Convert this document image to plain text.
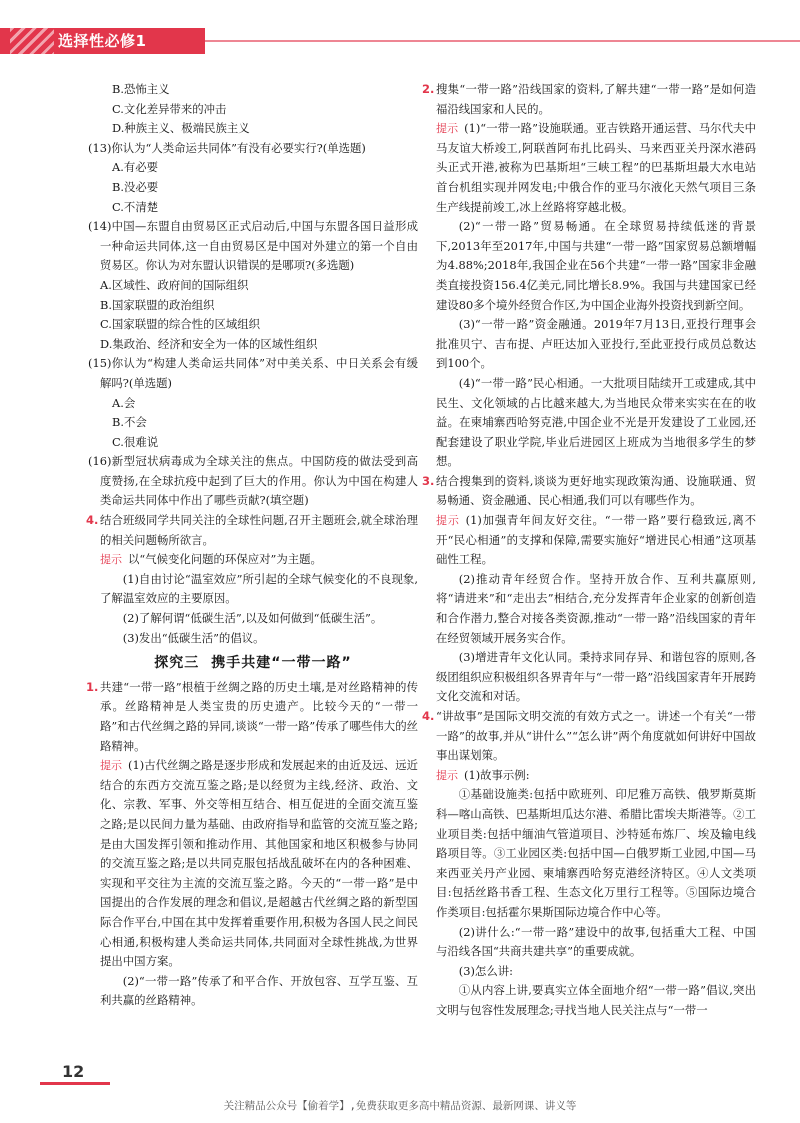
选择性必修1
B.恐怖主义
C.文化差异带来的冲击
D.种族主义、极端民族主义
(13)你认为“人类命运共同体”有没有必要实行?(单选题)
A.有必要
B.没必要
C.不清楚
(14)中国—东盟自由贸易区正式启动后,中国与东盟各国日益形成一种命运共同体,这一自由贸易区是中国对外建立的第一个自由贸易区。你认为对东盟认识错误的是哪项?(多选题)
A.区域性、政府间的国际组织
B.国家联盟的政治组织
C.国家联盟的综合性的区域组织
D.集政治、经济和安全为一体的区域性组织
(15)你认为“构建人类命运共同体”对中美关系、中日关系会有缓解吗?(单选题)
A.会
B.不会
C.很难说
(16)新型冠状病毒成为全球关注的焦点。中国防疫的做法受到高度赞扬,在全球抗疫中起到了巨大的作用。你认为中国在构建人类命运共同体中作出了哪些贡献?(填空题)
4. 结合班级同学共同关注的全球性问题,召开主题班会,就全球治理的相关问题畅所欲言。
提示 以“气候变化问题的环保应对”为主题。
(1)自由讨论“温室效应”所引起的全球气候变化的不良现象,了解温室效应的主要原因。
(2)了解何谓“低碳生活”,以及如何做到“低碳生活”。
(3)发出“低碳生活”的倡议。
探究三 携手共建“一带一路”
1. 共建“一带一路”根植于丝绸之路的历史土壤,是对丝路精神的传承。丝路精神是人类宝贵的历史遗产。比较今天的“一带一路”和古代丝绸之路的异同,谈谈“一带一路”传承了哪些伟大的丝路精神。
提示 (1)古代丝绸之路是逐步形成和发展起来的由近及远、远近结合的东西方交流互鉴之路;是以经贸为主线,经济、政治、文化、宗教、军事、外交等相互结合、相互促进的全面交流互鉴之路;是以民间力量为基础、由政府指导和监管的交流互鉴之路;是由大国发挥引领和推动作用、其他国家和地区积极参与协同的交流互鉴之路;是以共同克服包括战乱破坏在内的各种困难、实现和平交往为主流的交流互鉴之路。今天的“一带一路”是中国提出的合作发展的理念和倡议,是超越古代丝绸之路的新型国际合作平台,中国在其中发挥着重要作用,积极为各国人民之间民心相通,积极构建人类命运共同体,共同面对全球性挑战,为世界提出中国方案。
(2)“一带一路”传承了和平合作、开放包容、互学互鉴、互利共赢的丝路精神。
2. 搜集“一带一路”沿线国家的资料,了解共建“一带一路”是如何造福沿线国家和人民的。
提示 (1)“一带一路”设施联通。亚吉铁路开通运营、马尔代夫中马友谊大桥竣工,阿联酋阿布扎比码头、马来西亚关丹深水港码头正式开港,被称为巴基斯坦“三峡工程”的巴基斯坦最大水电站首台机组实现并网发电;中俄合作的亚马尔液化天然气项目三条生产线提前竣工,冰上丝路将穿越北极。
(2)“一带一路”贸易畅通。在全球贸易持续低迷的背景下,2013年至2017年,中国与共建“一带一路”国家贸易总额增幅为4.88%;2018年,我国企业在56个共建“一带一路”国家非金融类直接投资156.4亿美元,同比增长8.9%。我国与共建国家已经建设80多个境外经贸合作区,为中国企业海外投资找到新空间。
(3)“一带一路”资金融通。2019年7月13日,亚投行理事会批准贝宁、吉布提、卢旺达加入亚投行,至此亚投行成员总数达到100个。
(4)“一带一路”民心相通。一大批项目陆续开工或建成,其中民生、文化领域的占比越来越大,为当地民众带来实实在在的收益。在柬埔寨西哈努克港,中国企业不光是开发建设了工业园,还配套建设了职业学院,毕业后进园区上班成为当地很多学生的梦想。
3. 结合搜集到的资料,谈谈为更好地实现政策沟通、设施联通、贸易畅通、资金融通、民心相通,我们可以有哪些作为。
提示 (1)加强青年间友好交往。“一带一路”要行稳致远,离不开“民心相通”的支撑和保障,需要实施好“增进民心相通”这项基础性工程。
(2)推动青年经贸合作。坚持开放合作、互利共赢原则,将“请进来”和“走出去”相结合,充分发挥青年企业家的创新创造和合作潜力,整合对接各类资源,推动“一带一路”沿线国家的青年在经贸领域开展务实合作。
(3)增进青年文化认同。秉持求同存异、和谐包容的原则,各级团组织应积极组织各界青年与“一带一路”沿线国家青年开展跨文化交流和对话。
4. “讲故事”是国际文明交流的有效方式之一。讲述一个有关“一带一路”的故事,并从“讲什么”“怎么讲”两个角度就如何讲好中国故事出谋划策。
提示 (1)故事示例:
①基础设施类:包括中欧班列、印尼雅万高铁、俄罗斯莫斯科—喀山高铁、巴基斯坦瓜达尔港、希腊比雷埃夫斯港等。②工业项目类:包括中缅油气管道项目、沙特延布炼厂、埃及输电线路项目等。③工业园区类:包括中国—白俄罗斯工业园,中国—马来西亚关丹产业园、柬埔寨西哈努克港经济特区。④人文类项目:包括丝路书香工程、生态文化万里行工程等。⑤国际边境合作类项目:包括霍尔果斯国际边境合作中心等。
(2)讲什么:“一带一路”建设中的故事,包括重大工程、中国与沿线各国“共商共建共享”的重要成就。
(3)怎么讲:
①从内容上讲,要真实立体全面地介绍“一带一路”倡议,突出文明与包容性发展理念;寻找当地人民关注点与“一带一
12
关注精品公众号【偷着学】,免费获取更多高中精品资源、最新网课、讲义等
